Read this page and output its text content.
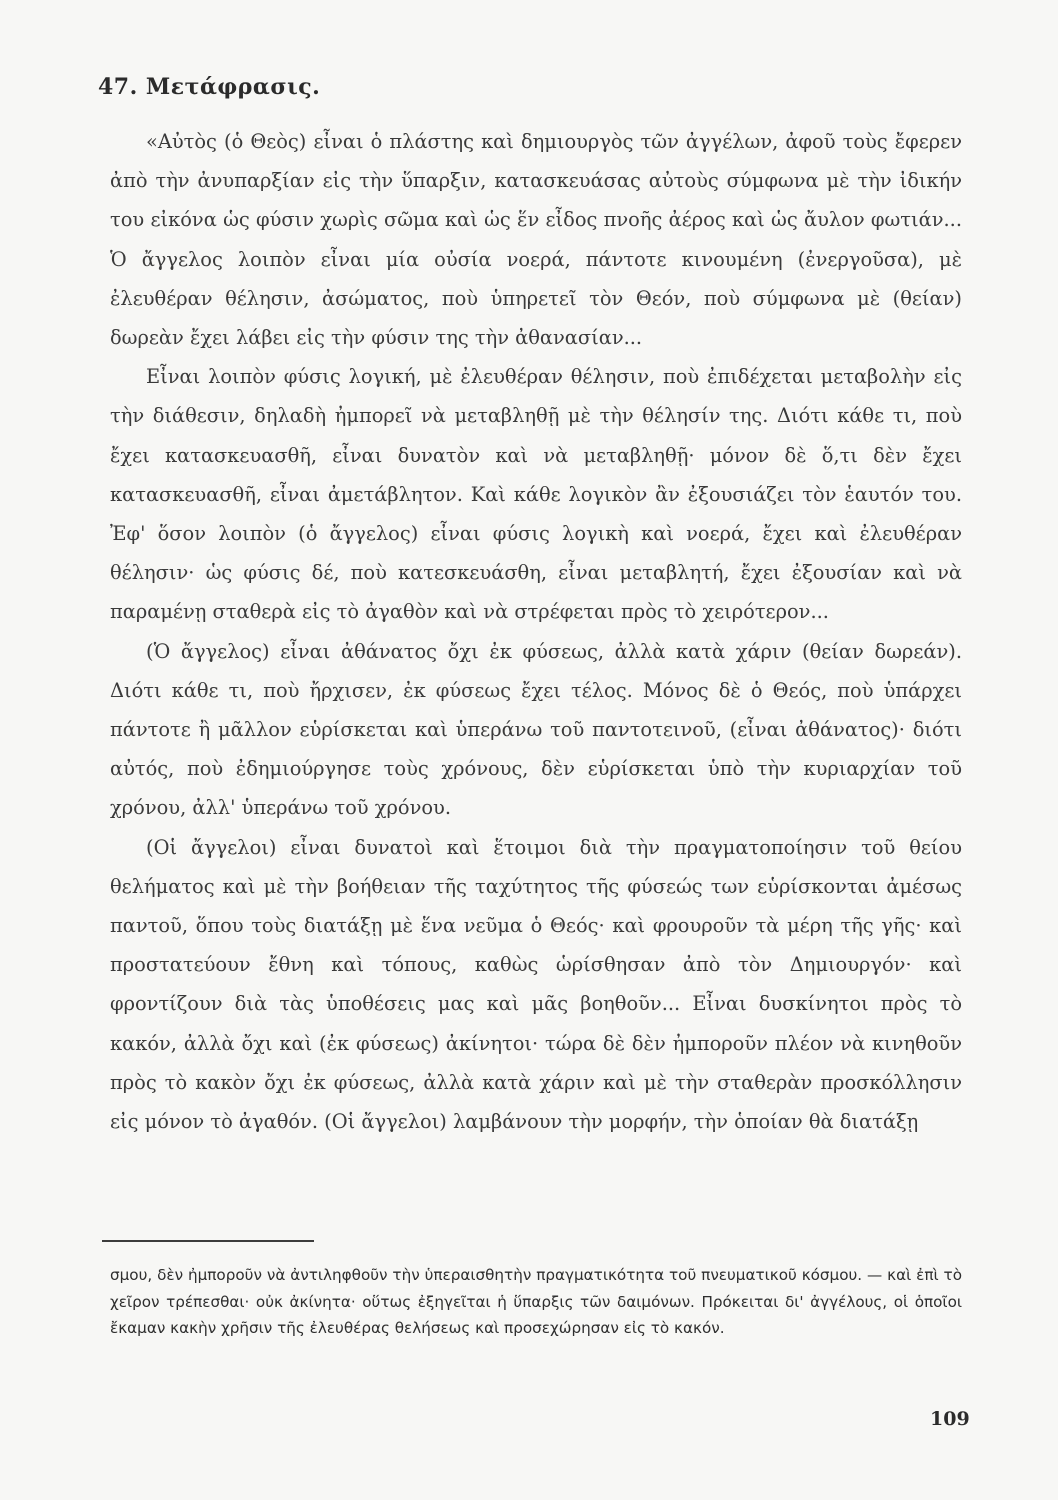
47. Μετάφρασις.

«Αὐτὸς (ὁ Θεὸς) εἶναι ὁ πλάστης καὶ δημιουργὸς τῶν ἀγγέλων, ἀφοῦ τοὺς ἔφερεν ἀπὸ τὴν ἀνυπαρξίαν εἰς τὴν ὕπαρξιν, κατασκευάσας αὐτοὺς σύμφωνα μὲ τὴν ἰδικήν του εἰκόνα ὡς φύσιν χωρὶς σῶμα καὶ ὡς ἕν εἶδος πνοῆς ἀέρος καὶ ὡς ἄυλον φωτιάν... Ὁ ἄγγελος λοιπὸν εἶναι μία οὐσία νοερά, πάντοτε κινουμένη (ἐνεργοῦσα), μὲ ἐλευθέραν θέλησιν, ἀσώματος, ποὺ ὑπηρετεῖ τὸν Θεόν, ποὺ σύμφωνα μὲ (θείαν) δωρεὰν ἔχει λάβει εἰς τὴν φύσιν της τὴν ἀθανασίαν...

Εἶναι λοιπὸν φύσις λογική, μὲ ἐλευθέραν θέλησιν, ποὺ ἐπιδέχεται μεταβολὴν εἰς τὴν διάθεσιν, δηλαδὴ ἠμπορεῖ νὰ μεταβληθῇ μὲ τὴν θέλησίν της. Διότι κάθε τι, ποὺ ἔχει κατασκευασθῆ, εἶναι δυνατὸν καὶ νὰ μεταβληθῇ· μόνον δὲ ὅ,τι δὲν ἔχει κατασκευασθῆ, εἶναι ἀμετάβλητον. Καὶ κάθε λογικὸν ἂν ἐξουσιάζει τὸν ἑαυτόν του. Ἐφ' ὅσον λοιπὸν (ὁ ἄγγελος) εἶναι φύσις λογικὴ καὶ νοερά, ἔχει καὶ ἐλευθέραν θέλησιν· ὡς φύσις δέ, ποὺ κατεσκευάσθη, εἶναι μεταβλητή, ἔχει ἐξουσίαν καὶ νὰ παραμένῃ σταθερὰ εἰς τὸ ἀγαθὸν καὶ νὰ στρέφεται πρὸς τὸ χειρότερον...

(Ὁ ἄγγελος) εἶναι ἀθάνατος ὄχι ἐκ φύσεως, ἀλλὰ κατὰ χάριν (θείαν δωρεάν). Διότι κάθε τι, ποὺ ἤρχισεν, ἐκ φύσεως ἔχει τέλος. Μόνος δὲ ὁ Θεός, ποὺ ὑπάρχει πάντοτε ἢ μᾶλλον εὑρίσκεται καὶ ὑπεράνω τοῦ παντοτεινοῦ, (εἶναι ἀθάνατος)· διότι αὐτός, ποὺ ἐδημιούργησε τοὺς χρόνους, δὲν εὑρίσκεται ὑπὸ τὴν κυριαρχίαν τοῦ χρόνου, ἀλλ' ὑπεράνω τοῦ χρόνου.

(Οἱ ἄγγελοι) εἶναι δυνατοὶ καὶ ἕτοιμοι διὰ τὴν πραγματοποίησιν τοῦ θείου θελήματος καὶ μὲ τὴν βοήθειαν τῆς ταχύτητος τῆς φύσεώς των εὑρίσκονται ἀμέσως παντοῦ, ὅπου τοὺς διατάξῃ μὲ ἕνα νεῦμα ὁ Θεός· καὶ φρουροῦν τὰ μέρη τῆς γῆς· καὶ προστατεύουν ἔθνη καὶ τόπους, καθὼς ὡρίσθησαν ἀπὸ τὸν Δημιουργόν· καὶ φροντίζουν διὰ τὰς ὑποθέσεις μας καὶ μᾶς βοηθοῦν... Εἶναι δυσκίνητοι πρὸς τὸ κακόν, ἀλλὰ ὄχι καὶ (ἐκ φύσεως) ἀκίνητοι· τώρα δὲ δὲν ἠμποροῦν πλέον νὰ κινηθοῦν πρὸς τὸ κακὸν ὄχι ἐκ φύσεως, ἀλλὰ κατὰ χάριν καὶ μὲ τὴν σταθερὰν προσκόλλησιν εἰς μόνον τὸ ἀγαθόν. (Οἱ ἄγγελοι) λαμβάνουν τὴν μορφήν, τὴν ὁποίαν θὰ διατάξῃ

σμου, δὲν ἠμποροῦν νὰ ἀντιληφθοῦν τὴν ὑπεραισθητὴν πραγματικότητα τοῦ πνευματικοῦ κόσμου. — καὶ ἐπὶ τὸ χεῖρον τρέπεσθαι· οὐκ ἀκίνητα· οὕτως ἐξηγεῖται ἡ ὕπαρξις τῶν δαιμόνων. Πρόκειται δι' ἀγγέλους, οἱ ὁποῖοι ἔκαμαν κακὴν χρῆσιν τῆς ἐλευθέρας θελήσεως καὶ προσεχώρησαν εἰς τὸ κακόν.

109
